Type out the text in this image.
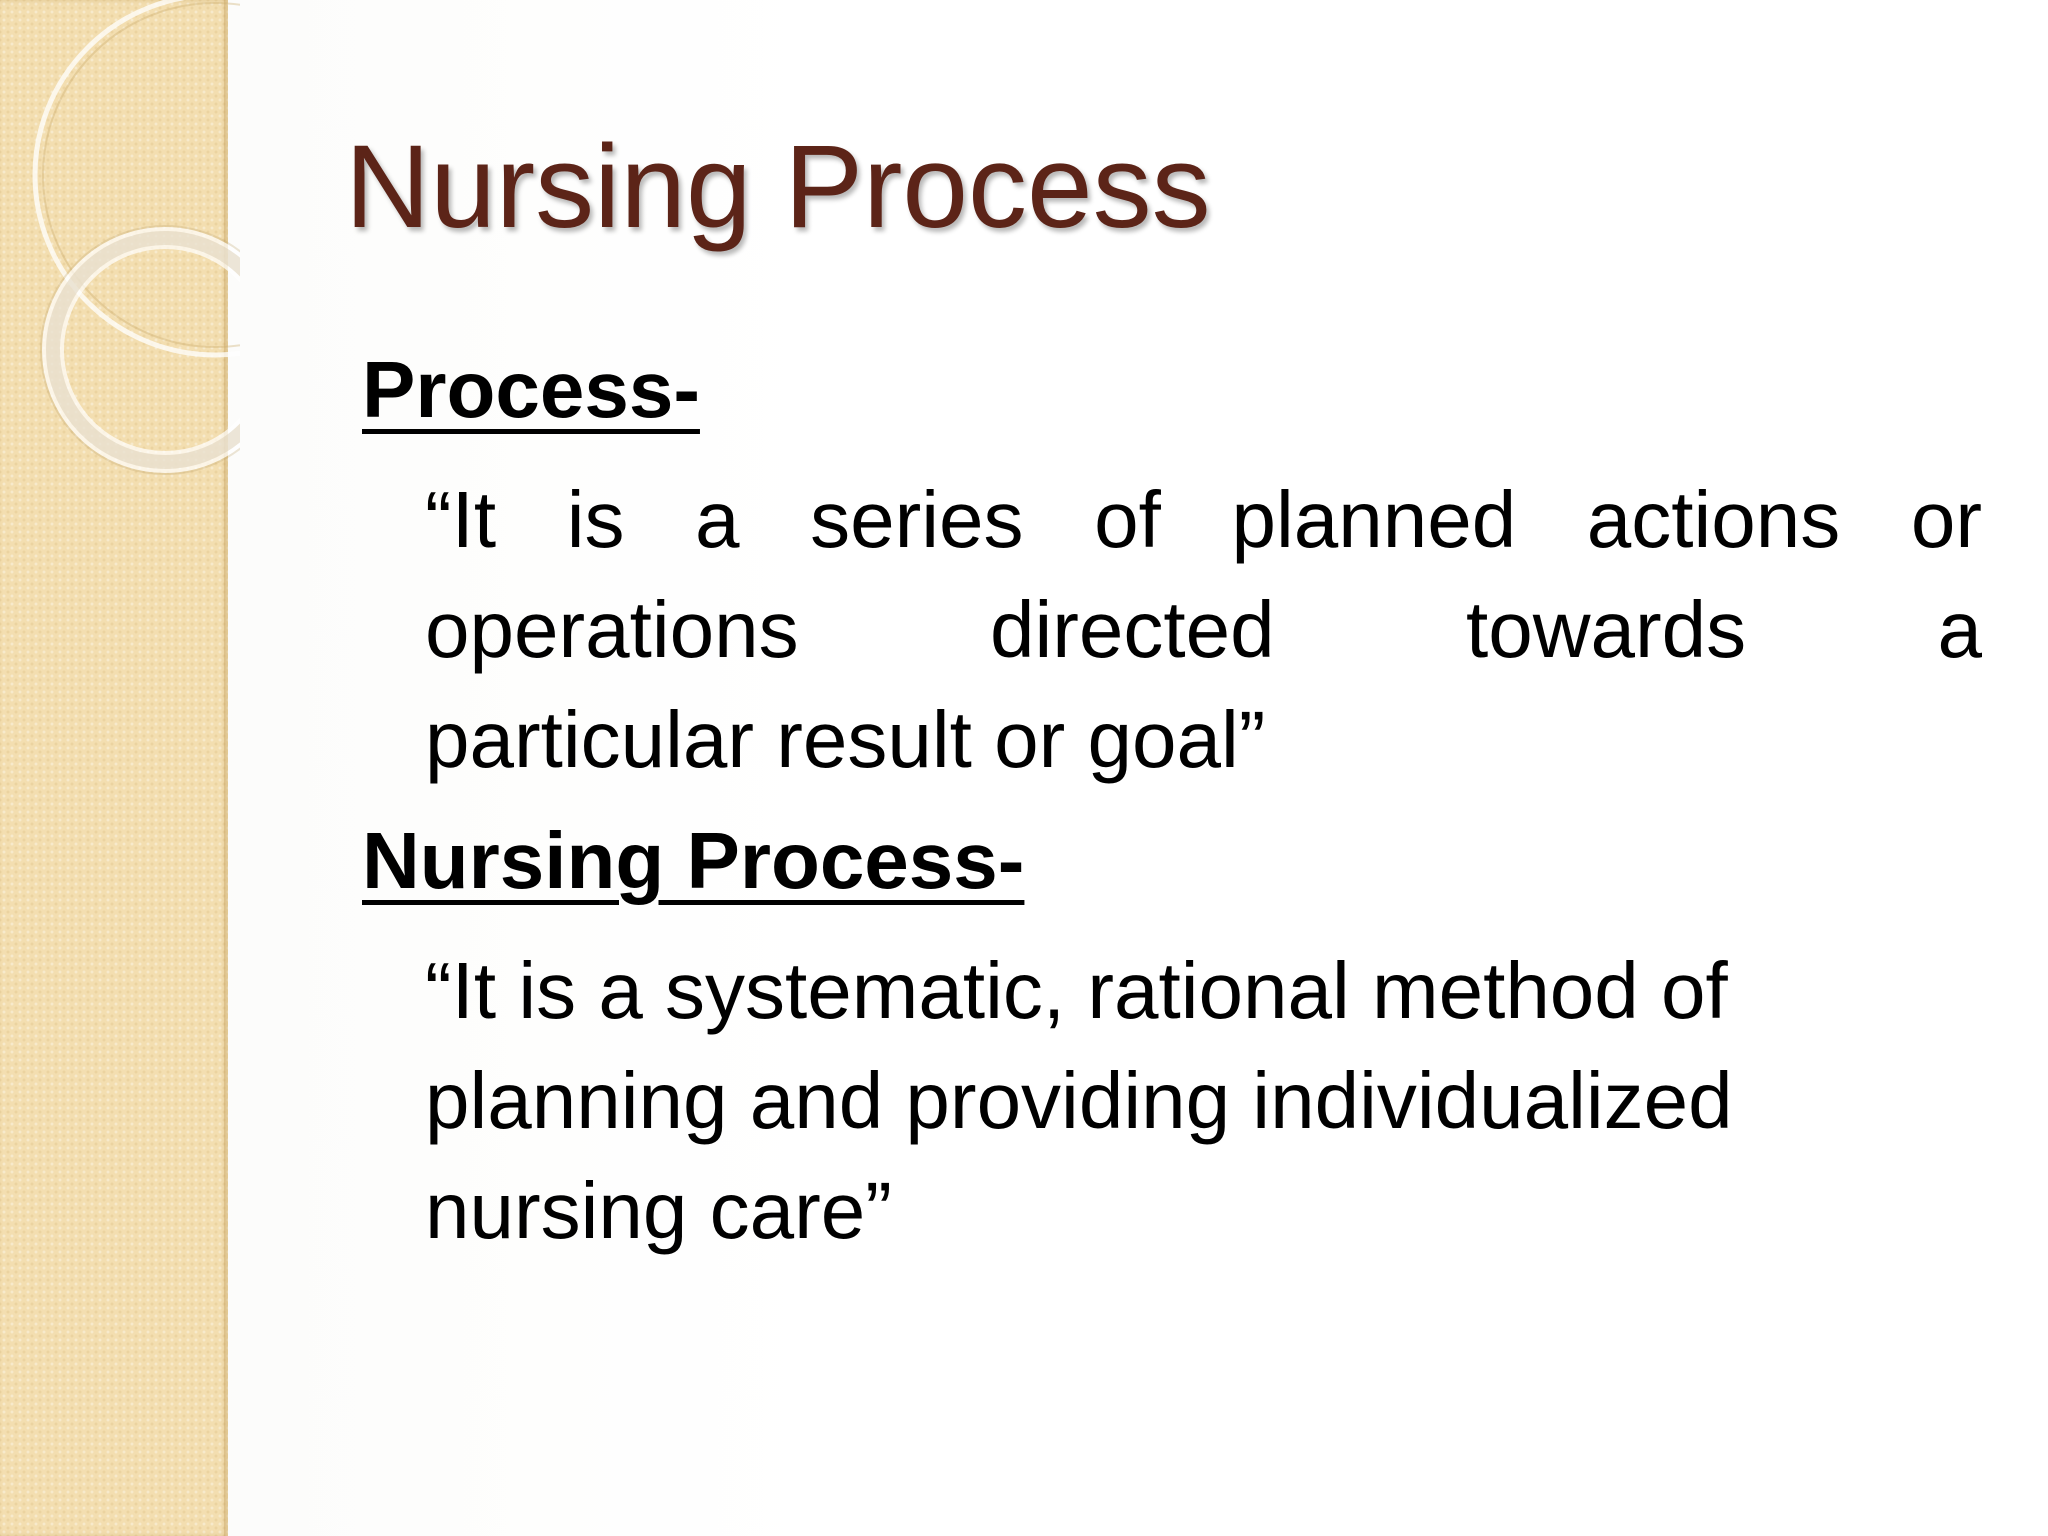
Nursing Process
Process-
“It is a series of planned actions or
operations directed towards a
particular result or goal”
Nursing Process-
“It is a systematic, rational method of
planning and providing individualized
nursing care”
